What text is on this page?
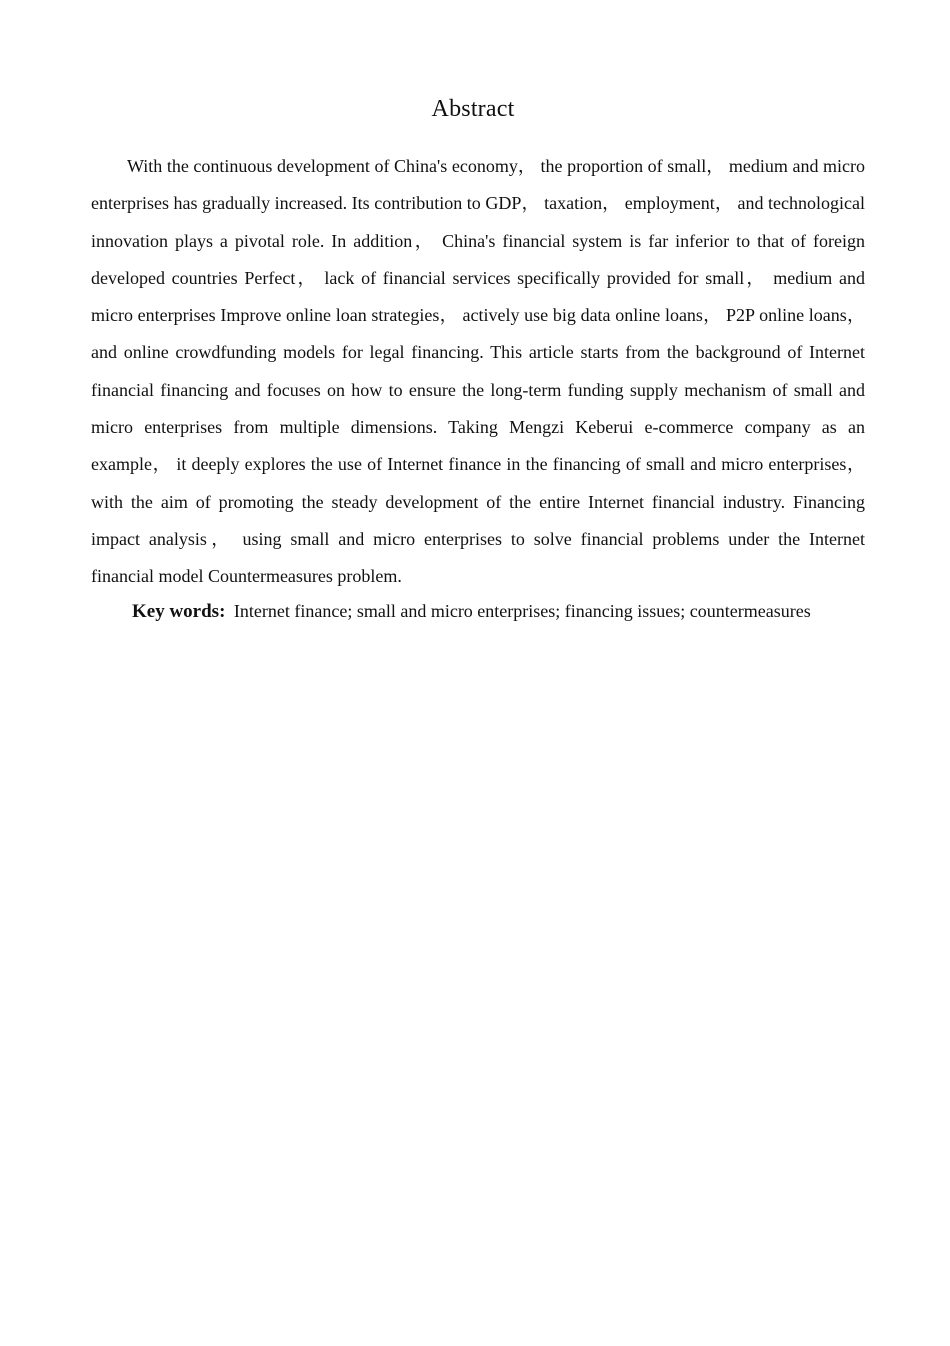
Abstract

With the continuous development of China's economy， the proportion of small， medium and micro enterprises has gradually increased. Its contribution to GDP， taxation， employment， and technological innovation plays a pivotal role. In addition， China's financial system is far inferior to that of foreign developed countries Perfect， lack of financial services specifically provided for small， medium and micro enterprises Improve online loan strategies， actively use big data online loans， P2P online loans， and online crowdfunding models for legal financing. This article starts from the background of Internet financial financing and focuses on how to ensure the long-term funding supply mechanism of small and micro enterprises from multiple dimensions. Taking Mengzi Keberui e-commerce company as an example， it deeply explores the use of Internet finance in the financing of small and micro enterprises， with the aim of promoting the steady development of the entire Internet financial industry. Financing impact analysis， using small and micro enterprises to solve financial problems under the Internet financial model Countermeasures problem.

Key words: Internet finance; small and micro enterprises; financing issues; countermeasures
